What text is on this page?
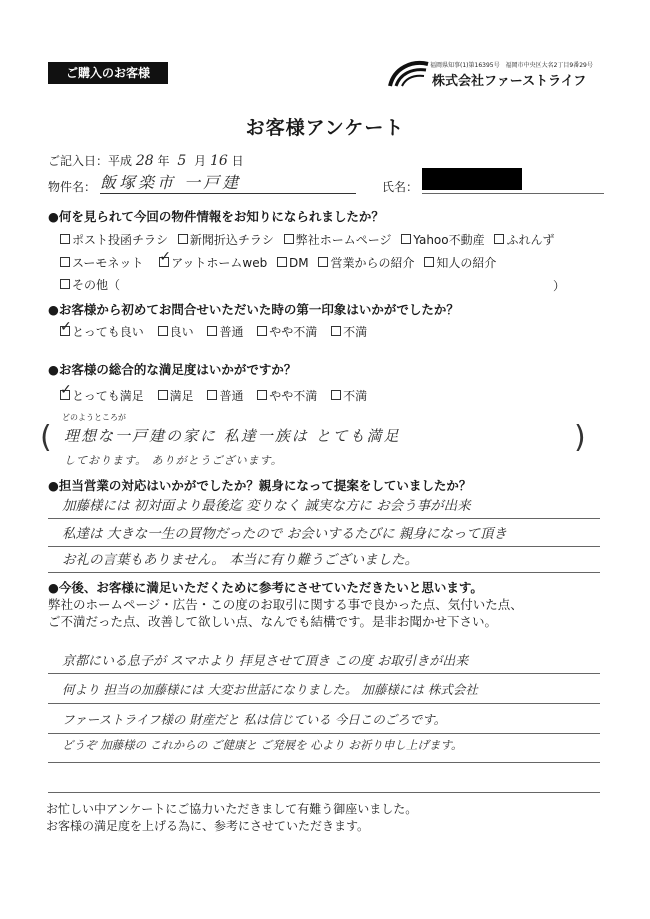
ご購入のお客様
福岡県知事(1)第16395号　福岡市中央区大名2丁目9番29号
株式会社ファーストライフ
お客様アンケート
ご記入日：平成 28 年 5 月 16 日
物件名： 飯塚楽市 一戸建	氏名：
●何を見られて今回の物件情報をお知りになられましたか？
ポスト投函チラシ 新聞折込チラシ 弊社ホームページ Yahoo不動産 ふれんず
スーモネット ✓ アットホームweb DM 営業からの紹介 知人の紹介
その他（	）
●お客様から初めてお問合せいただいた時の第一印象はいかがでしたか？
✓ とっても良い 良い 普通 やや不満 不満
●お客様の総合的な満足度はいかがですか？
✓ とっても満足 満足 普通 やや不満 不満
どのようところが
(	)
理想な一戸建の家に 私達一族は とても満足
しております。 ありがとうございます。
●担当営業の対応はいかがでしたか？親身になって提案をしていましたか？
加藤様には 初対面より最後迄 変りなく 誠実な方に お会う事が出来
私達は 大きな一生の買物だったので お会いするたびに 親身になって頂き
お礼の言葉もありません。 本当に有り難うございました。
●今後、お客様に満足いただくために参考にさせていただきたいと思います。
弊社のホームページ・広告・この度のお取引に関する事で良かった点、気付いた点、
ご不満だった点、改善して欲しい点、なんでも結構です。是非お聞かせ下さい。
京都にいる息子が スマホより 拝見させて頂き この度 お取引きが出来
何より 担当の加藤様には 大変お世話になりました。 加藤様には 株式会社
ファーストライフ様の 財産だと 私は信じている 今日このごろです。
どうぞ 加藤様の これからの ご健康と ご発展を 心より お祈り申し上げます。
お忙しい中アンケートにご協力いただきまして有難う御座いました。
お客様の満足度を上げる為に、参考にさせていただきます。
